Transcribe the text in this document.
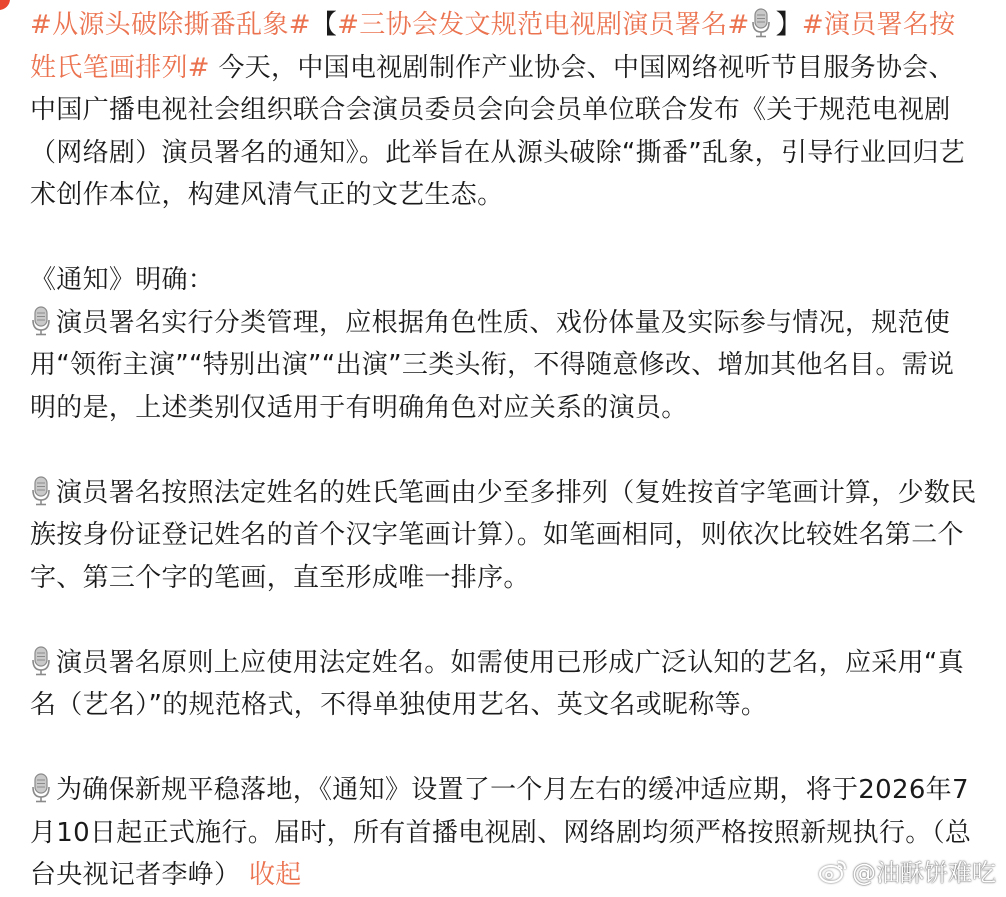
#从源头破除撕番乱象#【#三协会发文规范电视剧演员署名# 】#演员署名按姓氏笔画排列# 今天，中国电视剧制作产业协会、中国网络视听节目服务协会、中国广播电视社会组织联合会演员委员会向会员单位联合发布《关于规范电视剧（网络剧）演员署名的通知》。此举旨在从源头破除“撕番”乱象，引导行业回归艺术创作本位，构建风清气正的文艺生态。

《通知》明确：

演员署名实行分类管理，应根据角色性质、戏份体量及实际参与情况，规范使用“领衔主演”“特别出演”“出演”三类头衔，不得随意修改、增加其他名目。需说明的是，上述类别仅适用于有明确角色对应关系的演员。

演员署名按照法定姓名的姓氏笔画由少至多排列（复姓按首字笔画计算，少数民族按身份证登记姓名的首个汉字笔画计算）。如笔画相同，则依次比较姓名第二个字、第三个字的笔画，直至形成唯一排序。

演员署名原则上应使用法定姓名。如需使用已形成广泛认知的艺名，应采用“真名（艺名）”的规范格式，不得单独使用艺名、英文名或昵称等。

为确保新规平稳落地，《通知》设置了一个月左右的缓冲适应期，将于2026年7月10日起正式施行。届时，所有首播电视剧、网络剧均须严格按照新规执行。（总台央视记者李峥） 收起	@油酥饼难吃
